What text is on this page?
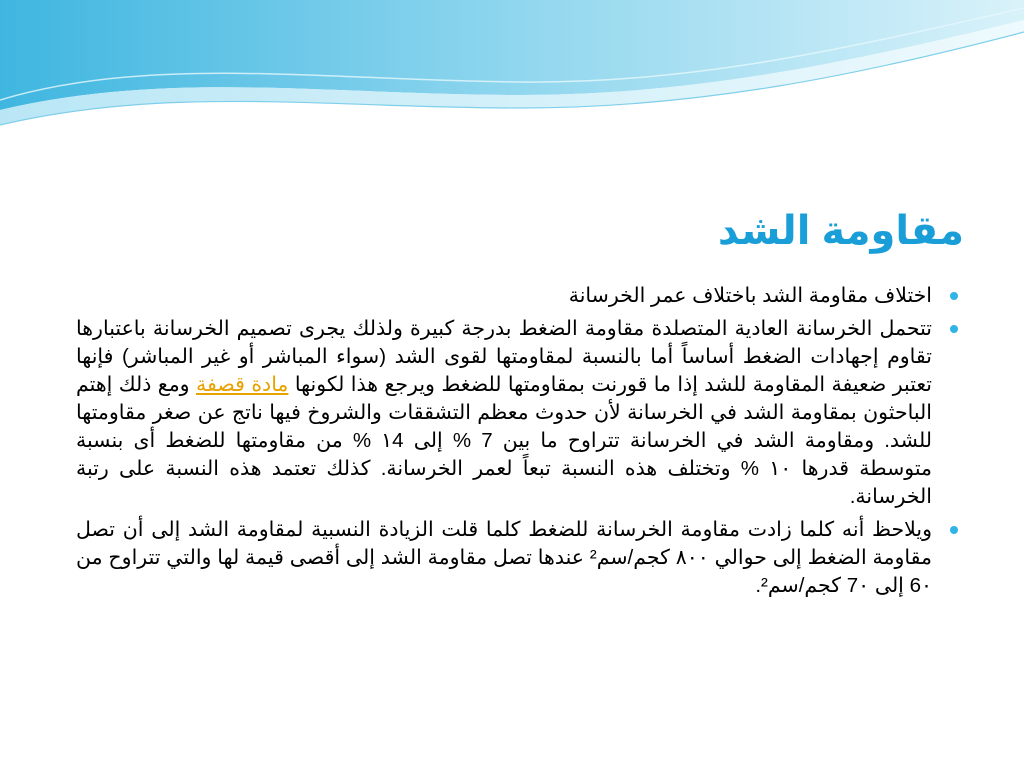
مقاومة الشد
اختلاف مقاومة الشد باختلاف عمر الخرسانة
تتحمل الخرسانة العادية المتصلدة مقاومة الضغط بدرجة كبيرة ولذلك يجرى تصميم الخرسانة باعتبارها تقاوم إجهادات الضغط أساساً أما بالنسبة لمقاومتها لقوى الشد (سواء المباشر أو غير المباشر) فإنها تعتبر ضعيفة المقاومة للشد إذا ما قورنت بمقاومتها للضغط ويرجع هذا لكونها مادة قصفة ومع ذلك إهتم الباحثون بمقاومة الشد في الخرسانة لأن حدوث معظم التشققات والشروخ فيها ناتج عن صغر مقاومتها للشد. ومقاومة الشد في الخرسانة تتراوح ما بين 7 % إلى ١4 % من مقاومتها للضغط أى بنسبة متوسطة قدرها ١٠ % وتختلف هذه النسبة تبعاً لعمر الخرسانة. كذلك تعتمد هذه النسبة على رتبة الخرسانة.
ويلاحظ أنه كلما زادت مقاومة الخرسانة للضغط كلما قلت الزيادة النسبية لمقاومة الشد إلى أن تصل مقاومة الضغط إلى حوالي ٨٠٠ كجم/سم² عندها تصل مقاومة الشد إلى أقصى قيمة لها والتي تتراوح من 6٠ إلى 7٠ كجم/سم².
